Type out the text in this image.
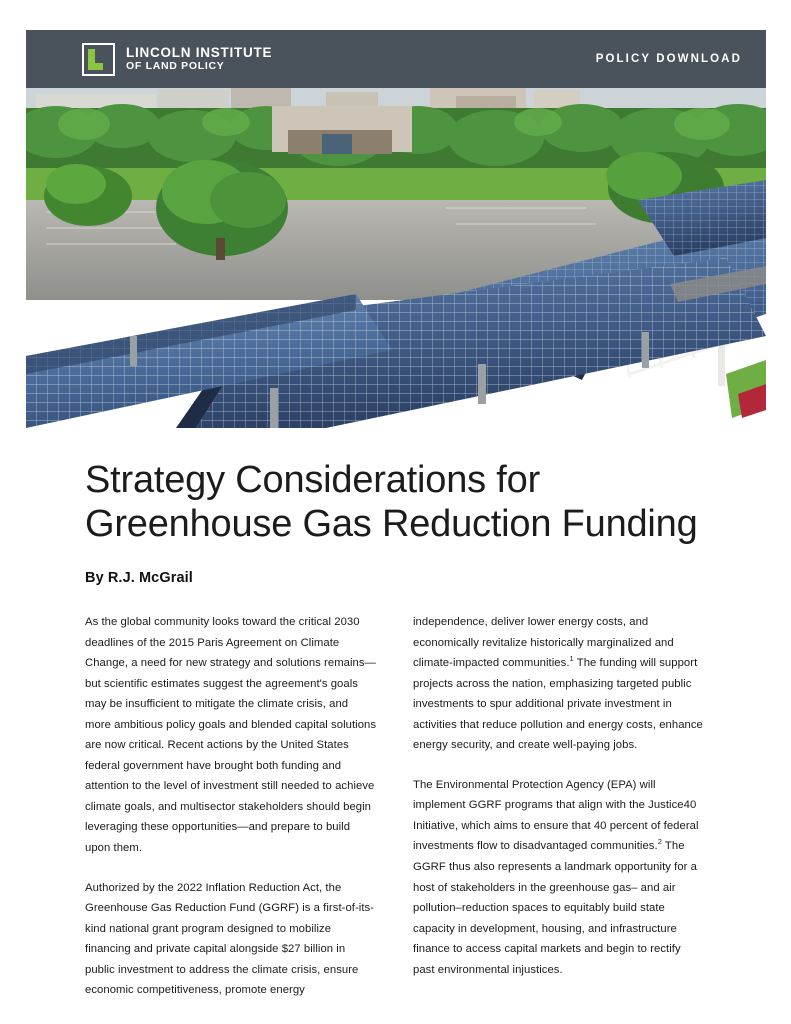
LINCOLN INSTITUTE
OF LAND POLICY
POLICY DOWNLOAD
Strategy Considerations for
Greenhouse Gas Reduction Funding
By R.J. McGrail

As the global community looks toward the critical 2030 deadlines of the 2015 Paris Agreement on Climate Change, a need for new strategy and solutions remains—but scientific estimates suggest the agreement's goals may be insufficient to mitigate the climate crisis, and more ambitious policy goals and blended capital solutions are now critical. Recent actions by the United States federal government have brought both funding and attention to the level of investment still needed to achieve climate goals, and multisector stakeholders should begin leveraging these opportunities—and prepare to build upon them.

Authorized by the 2022 Inflation Reduction Act, the Greenhouse Gas Reduction Fund (GGRF) is a first-of-its-kind national grant program designed to mobilize financing and private capital alongside $27 billion in public investment to address the climate crisis, ensure economic competitiveness, promote energy

independence, deliver lower energy costs, and economically revitalize historically marginalized and climate-impacted communities.$^1$ The funding will support projects across the nation, emphasizing targeted public investments to spur additional private investment in activities that reduce pollution and energy costs, enhance energy security, and create well-paying jobs.

The Environmental Protection Agency (EPA) will implement GGRF programs that align with the Justice40 Initiative, which aims to ensure that 40 percent of federal investments flow to disadvantaged communities.$^2$ The GGRF thus also represents a landmark opportunity for a host of stakeholders in the greenhouse gas– and air pollution–reduction spaces to equitably build state capacity in development, housing, and infrastructure finance to access capital markets and begin to rectify past environmental injustices.
